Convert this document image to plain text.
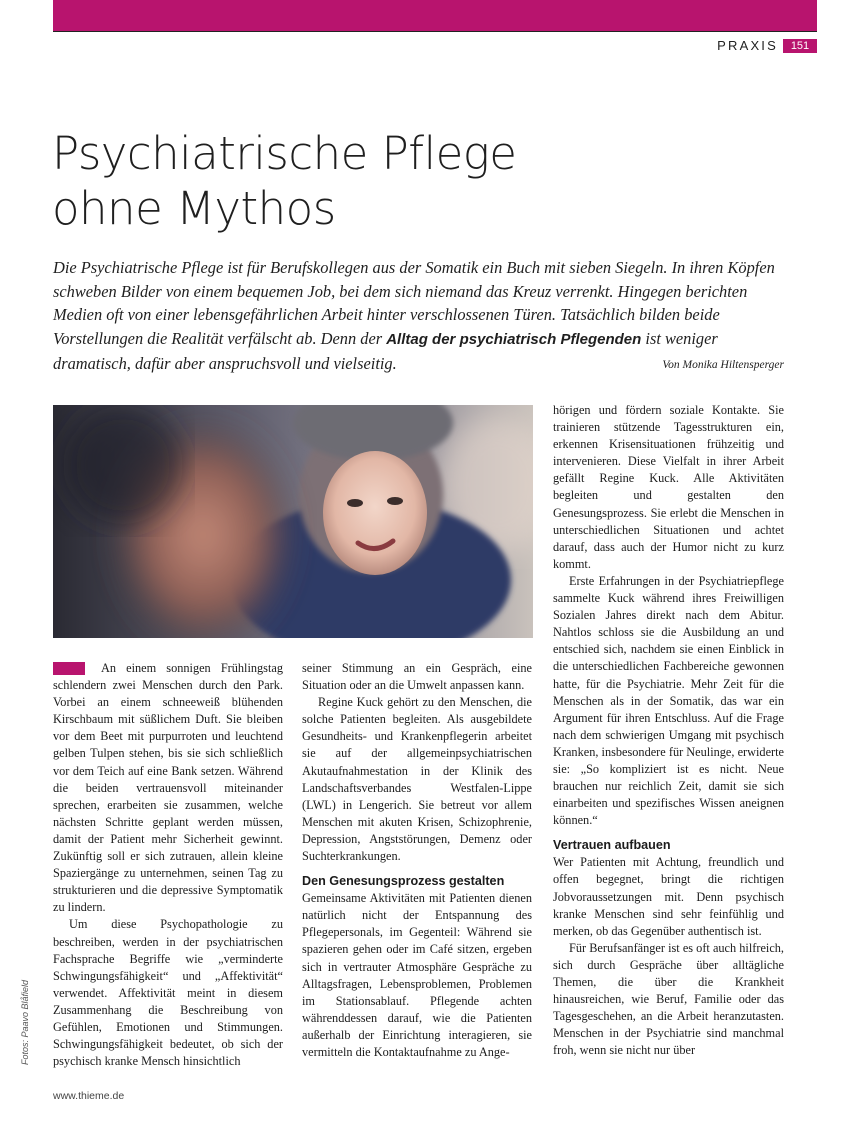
PRAXIS	151
Psychiatrische Pflege
ohne Mythos

Die Psychiatrische Pflege ist für Berufskollegen aus der Somatik ein Buch mit sieben Siegeln. In ihren Köpfen schweben Bilder von einem bequemen Job, bei dem sich niemand das Kreuz verrenkt. Hingegen berichten Medien oft von einer lebensgefährlichen Arbeit hinter verschlossenen Türen. Tatsächlich bilden beide Vorstellungen die Realität verfälscht ab. Denn der Alltag der psychiatrisch Pflegenden ist weniger dramatisch, dafür aber anspruchsvoll und vielseitig.	Von Monika Hiltensperger

An einem sonnigen Frühlingstag schlendern zwei Menschen durch den Park. Vorbei an einem schneeweiß blühenden Kirschbaum mit süßlichem Duft. Sie bleiben vor dem Beet mit purpurroten und leuchtend gelben Tulpen stehen, bis sie sich schließlich vor dem Teich auf eine Bank setzen. Während die beiden vertrauensvoll miteinander sprechen, erarbeiten sie zusammen, welche nächsten Schritte geplant werden müssen, damit der Patient mehr Sicherheit gewinnt. Zukünftig soll er sich zutrauen, allein kleine Spaziergänge zu unternehmen, seinen Tag zu strukturieren und die depressive Symptomatik zu lindern.

Um diese Psychopathologie zu beschreiben, werden in der psychiatrischen Fachsprache Begriffe wie „verminderte Schwingungsfähigkeit“ und „Affektivität“ verwendet. Affektivität meint in diesem Zusammenhang die Beschreibung von Gefühlen, Emotionen und Stimmungen. Schwingungsfähigkeit bedeutet, ob sich der psychisch kranke Mensch hinsichtlich

seiner Stimmung an ein Gespräch, eine Situation oder an die Umwelt anpassen kann.

Regine Kuck gehört zu den Menschen, die solche Patienten begleiten. Als ausgebildete Gesundheits- und Krankenpflegerin arbeitet sie auf der allgemeinpsychiatrischen Akutaufnahmestation in der Klinik des Landschaftsverbandes Westfalen-Lippe (LWL) in Lengerich. Sie betreut vor allem Menschen mit akuten Krisen, Schizophrenie, Depression, Angststörungen, Demenz oder Suchterkrankungen.

Den Genesungsprozess gestalten

Gemeinsame Aktivitäten mit Patienten dienen natürlich nicht der Entspannung des Pflegepersonals, im Gegenteil: Während sie spazieren gehen oder im Café sitzen, ergeben sich in vertrauter Atmosphäre Gespräche zu Alltagsfragen, Lebensproblemen, Problemen im Stationsablauf. Pflegende achten währenddessen darauf, wie die Patienten außerhalb der Einrichtung interagieren, sie vermitteln die Kontaktaufnahme zu Ange-

hörigen und fördern soziale Kontakte. Sie trainieren stützende Tagesstrukturen ein, erkennen Krisensituationen frühzeitig und intervenieren. Diese Vielfalt in ihrer Arbeit gefällt Regine Kuck. Alle Aktivitäten begleiten und gestalten den Genesungsprozess. Sie erlebt die Menschen in unterschiedlichen Situationen und achtet darauf, dass auch der Humor nicht zu kurz kommt.

Erste Erfahrungen in der Psychiatriepflege sammelte Kuck während ihres Freiwilligen Sozialen Jahres direkt nach dem Abitur. Nahtlos schloss sie die Ausbildung an und entschied sich, nachdem sie einen Einblick in die unterschiedlichen Fachbereiche gewonnen hatte, für die Psychiatrie. Mehr Zeit für die Menschen als in der Somatik, das war ein Argument für ihren Entschluss. Auf die Frage nach dem schwierigen Umgang mit psychisch Kranken, insbesondere für Neulinge, erwiderte sie: „So kompliziert ist es nicht. Neue brauchen nur reichlich Zeit, damit sie sich einarbeiten und spezifisches Wissen aneignen können.“

Vertrauen aufbauen

Wer Patienten mit Achtung, freundlich und offen begegnet, bringt die richtigen Jobvoraussetzungen mit. Denn psychisch kranke Menschen sind sehr feinfühlig und merken, ob das Gegenüber authentisch ist.

Für Berufsanfänger ist es oft auch hilfreich, sich durch Gespräche über alltägliche Themen, die über die Krankheit hinausreichen, wie Beruf, Familie oder das Tagesgeschehen, an die Arbeit heranzutasten. Menschen in der Psychiatrie sind manchmal froh, wenn sie nicht nur über

Fotos: Paavo Blåfield
www.thieme.de
